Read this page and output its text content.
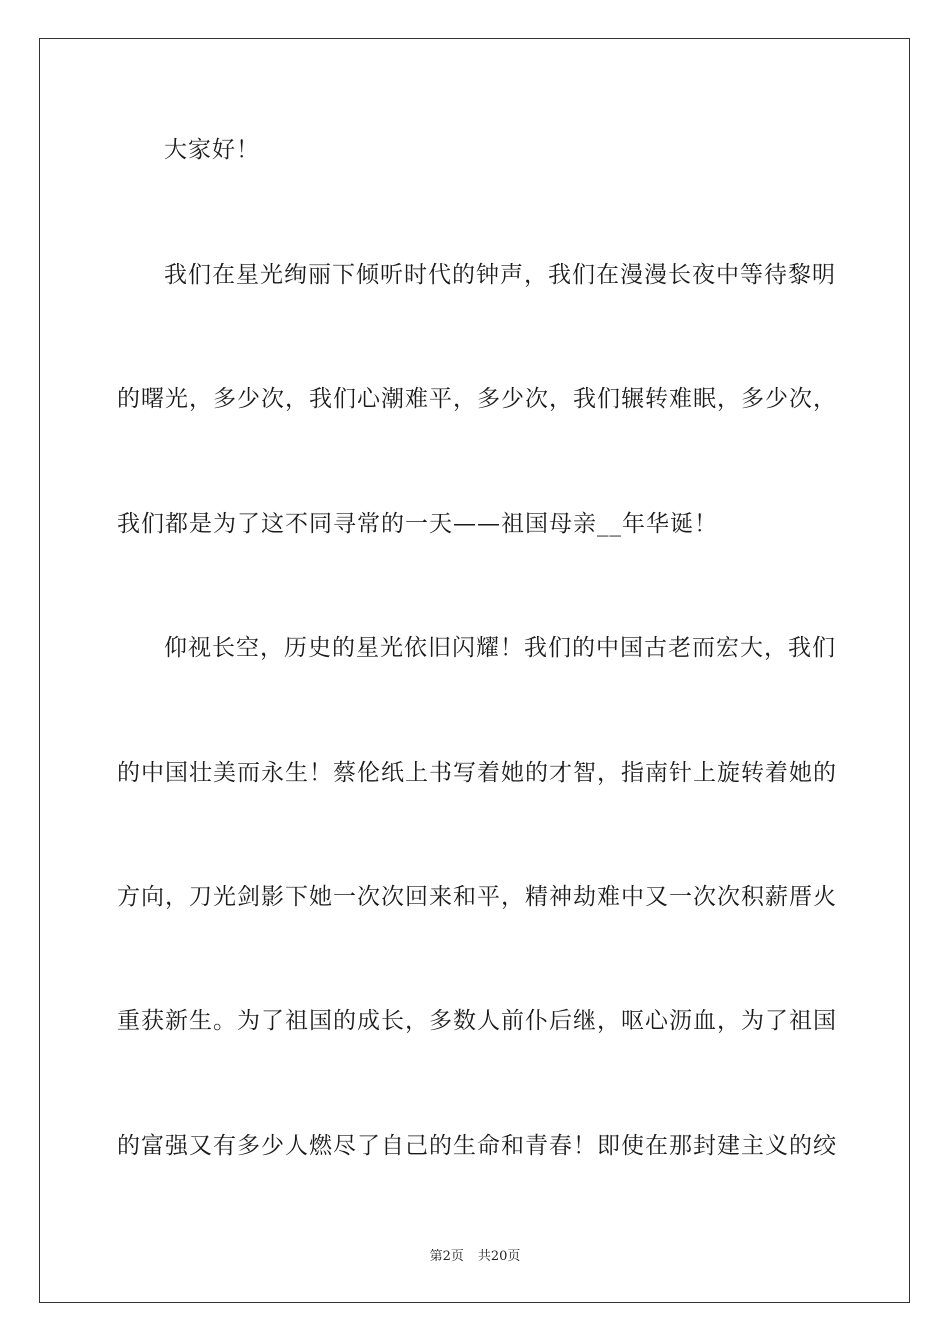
大家好！
我们在星光绚丽下倾听时代的钟声，我们在漫漫长夜中等待黎明
的曙光，多少次，我们心潮难平，多少次，我们辗转难眠，多少次，
我们都是为了这不同寻常的一天——祖国母亲__年华诞！
仰视长空，历史的星光依旧闪耀！我们的中国古老而宏大，我们
的中国壮美而永生！蔡伦纸上书写着她的才智，指南针上旋转着她的
方向，刀光剑影下她一次次回来和平，精神劫难中又一次次积薪厝火
重获新生。为了祖国的成长，多数人前仆后继，呕心沥血，为了祖国
的富强又有多少人燃尽了自己的生命和青春！即使在那封建主义的绞
第2页 共20页
